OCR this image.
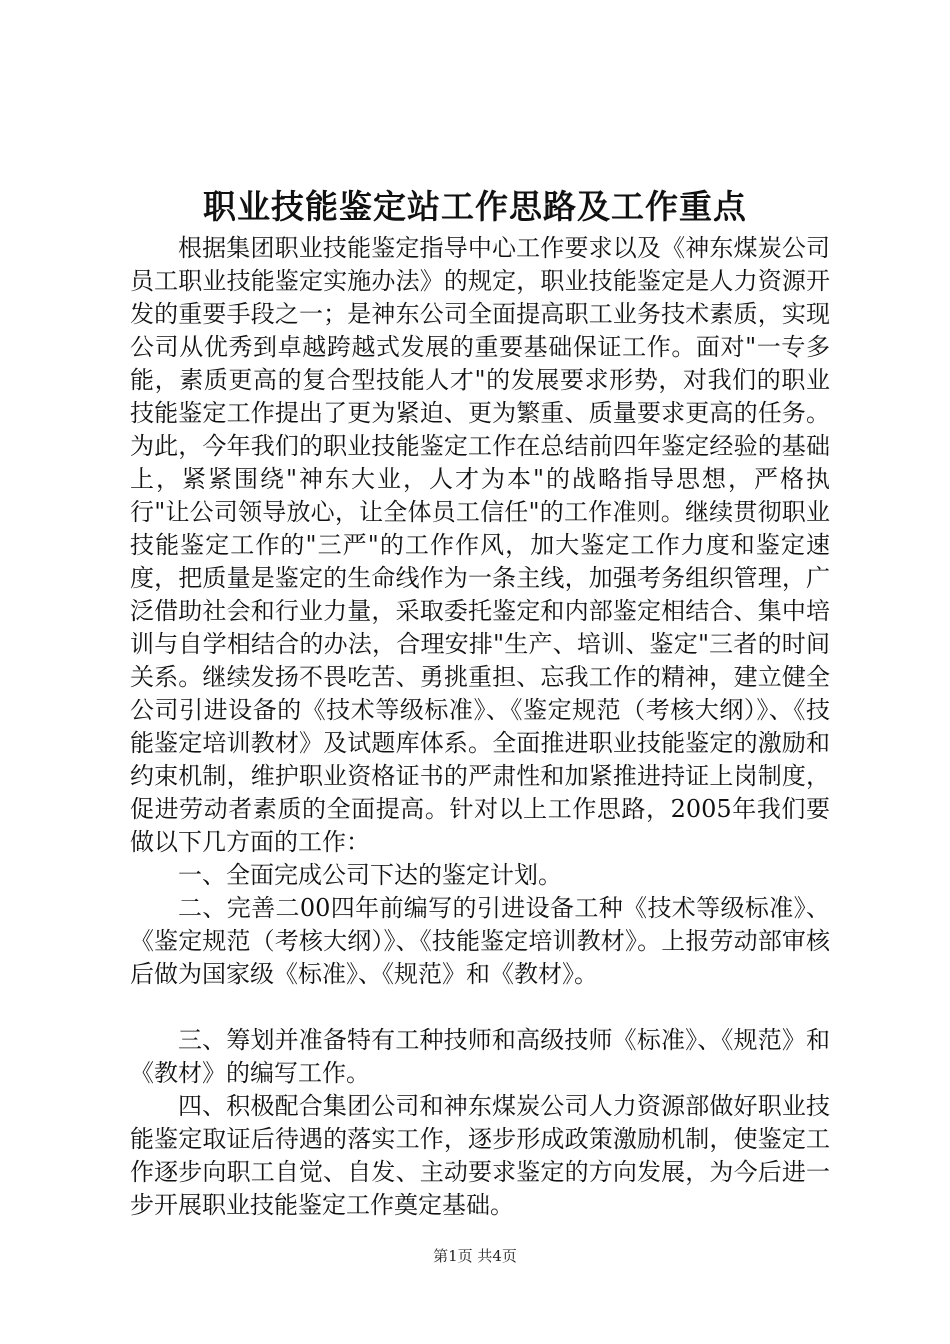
职业技能鉴定站工作思路及工作重点

根据集团职业技能鉴定指导中心工作要求以及《神东煤炭公司员工职业技能鉴定实施办法》的规定，职业技能鉴定是人力资源开发的重要手段之一；是神东公司全面提高职工业务技术素质，实现公司从优秀到卓越跨越式发展的重要基础保证工作。面对"一专多能，素质更高的复合型技能人才"的发展要求形势，对我们的职业技能鉴定工作提出了更为紧迫、更为繁重、质量要求更高的任务。为此，今年我们的职业技能鉴定工作在总结前四年鉴定经验的基础上，紧紧围绕"神东大业，人才为本"的战略指导思想，严格执行"让公司领导放心，让全体员工信任"的工作准则。继续贯彻职业技能鉴定工作的"三严"的工作作风，加大鉴定工作力度和鉴定速度，把质量是鉴定的生命线作为一条主线，加强考务组织管理，广泛借助社会和行业力量，采取委托鉴定和内部鉴定相结合、集中培训与自学相结合的办法，合理安排"生产、培训、鉴定"三者的时间关系。继续发扬不畏吃苦、勇挑重担、忘我工作的精神，建立健全公司引进设备的《技术等级标准》、《鉴定规范（考核大纲）》、《技能鉴定培训教材》及试题库体系。全面推进职业技能鉴定的激励和约束机制，维护职业资格证书的严肃性和加紧推进持证上岗制度，促进劳动者素质的全面提高。针对以上工作思路，2005年我们要做以下几方面的工作：

一、全面完成公司下达的鉴定计划。

二、完善二00四年前编写的引进设备工种《技术等级标准》、《鉴定规范（考核大纲）》、《技能鉴定培训教材》。上报劳动部审核后做为国家级《标准》、《规范》和《教材》。

三、筹划并准备特有工种技师和高级技师《标准》、《规范》和《教材》的编写工作。

四、积极配合集团公司和神东煤炭公司人力资源部做好职业技能鉴定取证后待遇的落实工作，逐步形成政策激励机制，使鉴定工作逐步向职工自觉、自发、主动要求鉴定的方向发展，为今后进一步开展职业技能鉴定工作奠定基础。

第1页 共4页
